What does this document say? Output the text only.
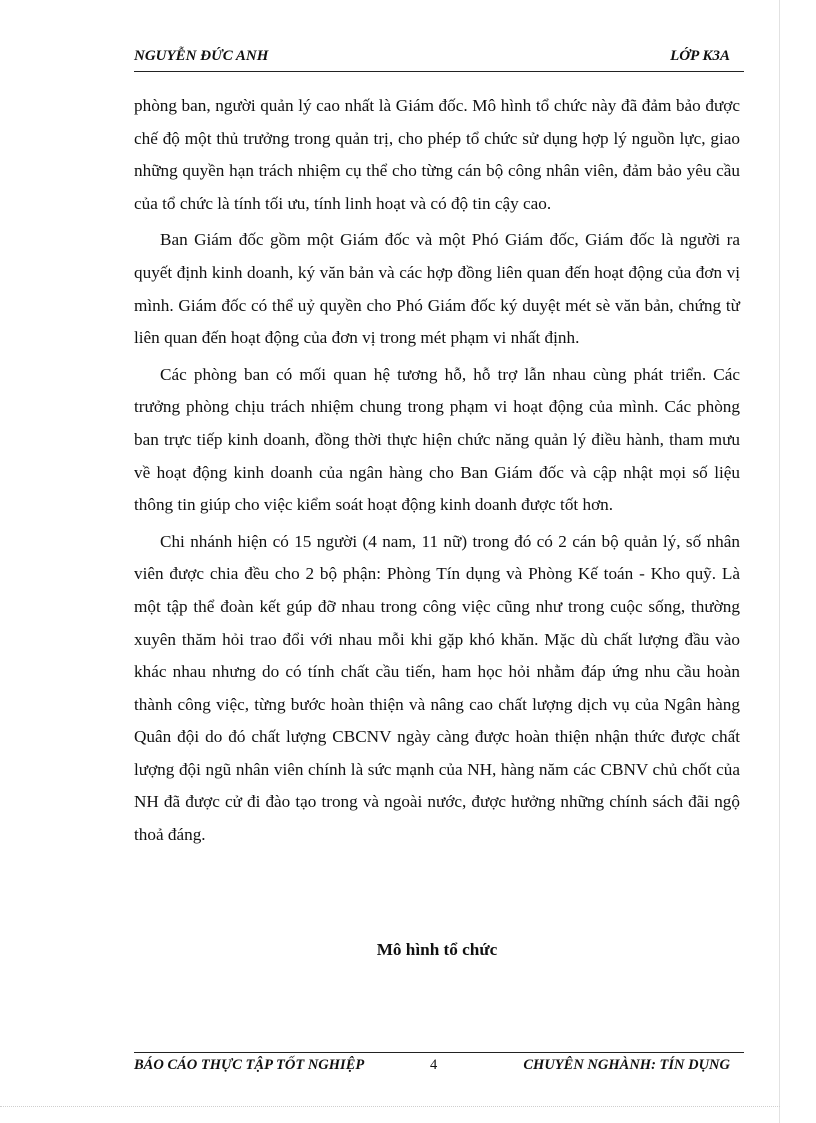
NGUYỄN ĐỨC ANH	LỚP K3A

phòng ban, người quản lý cao nhất là Giám đốc. Mô hình tổ chức này đã đảm bảo được chế độ một thủ trưởng trong quản trị, cho phép tổ chức sử dụng hợp lý nguồn lực, giao những quyền hạn trách nhiệm cụ thể cho từng cán bộ công nhân viên, đảm bảo yêu cầu của tổ chức là tính tối ưu, tính linh hoạt và có độ tin cậy cao.

Ban Giám đốc gồm một Giám đốc và một Phó Giám đốc, Giám đốc là người ra quyết định kinh doanh, ký văn bản và các hợp đồng liên quan đến hoạt động của đơn vị mình. Giám đốc có thể uỷ quyền cho Phó Giám đốc ký duyệt mét sè văn bản, chứng từ liên quan đến hoạt động của đơn vị trong mét phạm vi nhất định.

Các phòng ban có mối quan hệ tương hỗ, hỗ trợ lẫn nhau cùng phát triển. Các trưởng phòng chịu trách nhiệm chung trong phạm vi hoạt động của mình. Các phòng ban trực tiếp kinh doanh, đồng thời thực hiện chức năng quản lý điều hành, tham mưu về hoạt động kinh doanh của ngân hàng cho Ban Giám đốc và cập nhật mọi số liệu thông tin giúp cho việc kiểm soát hoạt động kinh doanh được tốt hơn.

Chi nhánh hiện có 15 người (4 nam, 11 nữ) trong đó có 2 cán bộ quản lý, số nhân viên được chia đều cho 2 bộ phận: Phòng Tín dụng và Phòng Kế toán - Kho quỹ. Là một tập thể đoàn kết gúp đỡ nhau trong công việc cũng như trong cuộc sống, thường xuyên thăm hỏi trao đổi với nhau mỗi khi gặp khó khăn. Mặc dù chất lượng đầu vào khác nhau nhưng do có tính chất cầu tiến, ham học hỏi nhằm đáp ứng nhu cầu hoàn thành công việc, từng bước hoàn thiện và nâng cao chất lượng dịch vụ của Ngân hàng Quân đội do đó chất lượng CBCNV ngày càng được hoàn thiện nhận thức được chất lượng đội ngũ nhân viên chính là sức mạnh của NH, hàng năm các CBNV chủ chốt của NH đã được cử đi đào tạo trong và ngoài nước, được hưởng những chính sách đãi ngộ thoả đáng.

Mô hình tổ chức
BÁO CÁO THỰC TẬP TỐT NGHIỆP	4	CHUYÊN NGHÀNH: TÍN DỤNG
